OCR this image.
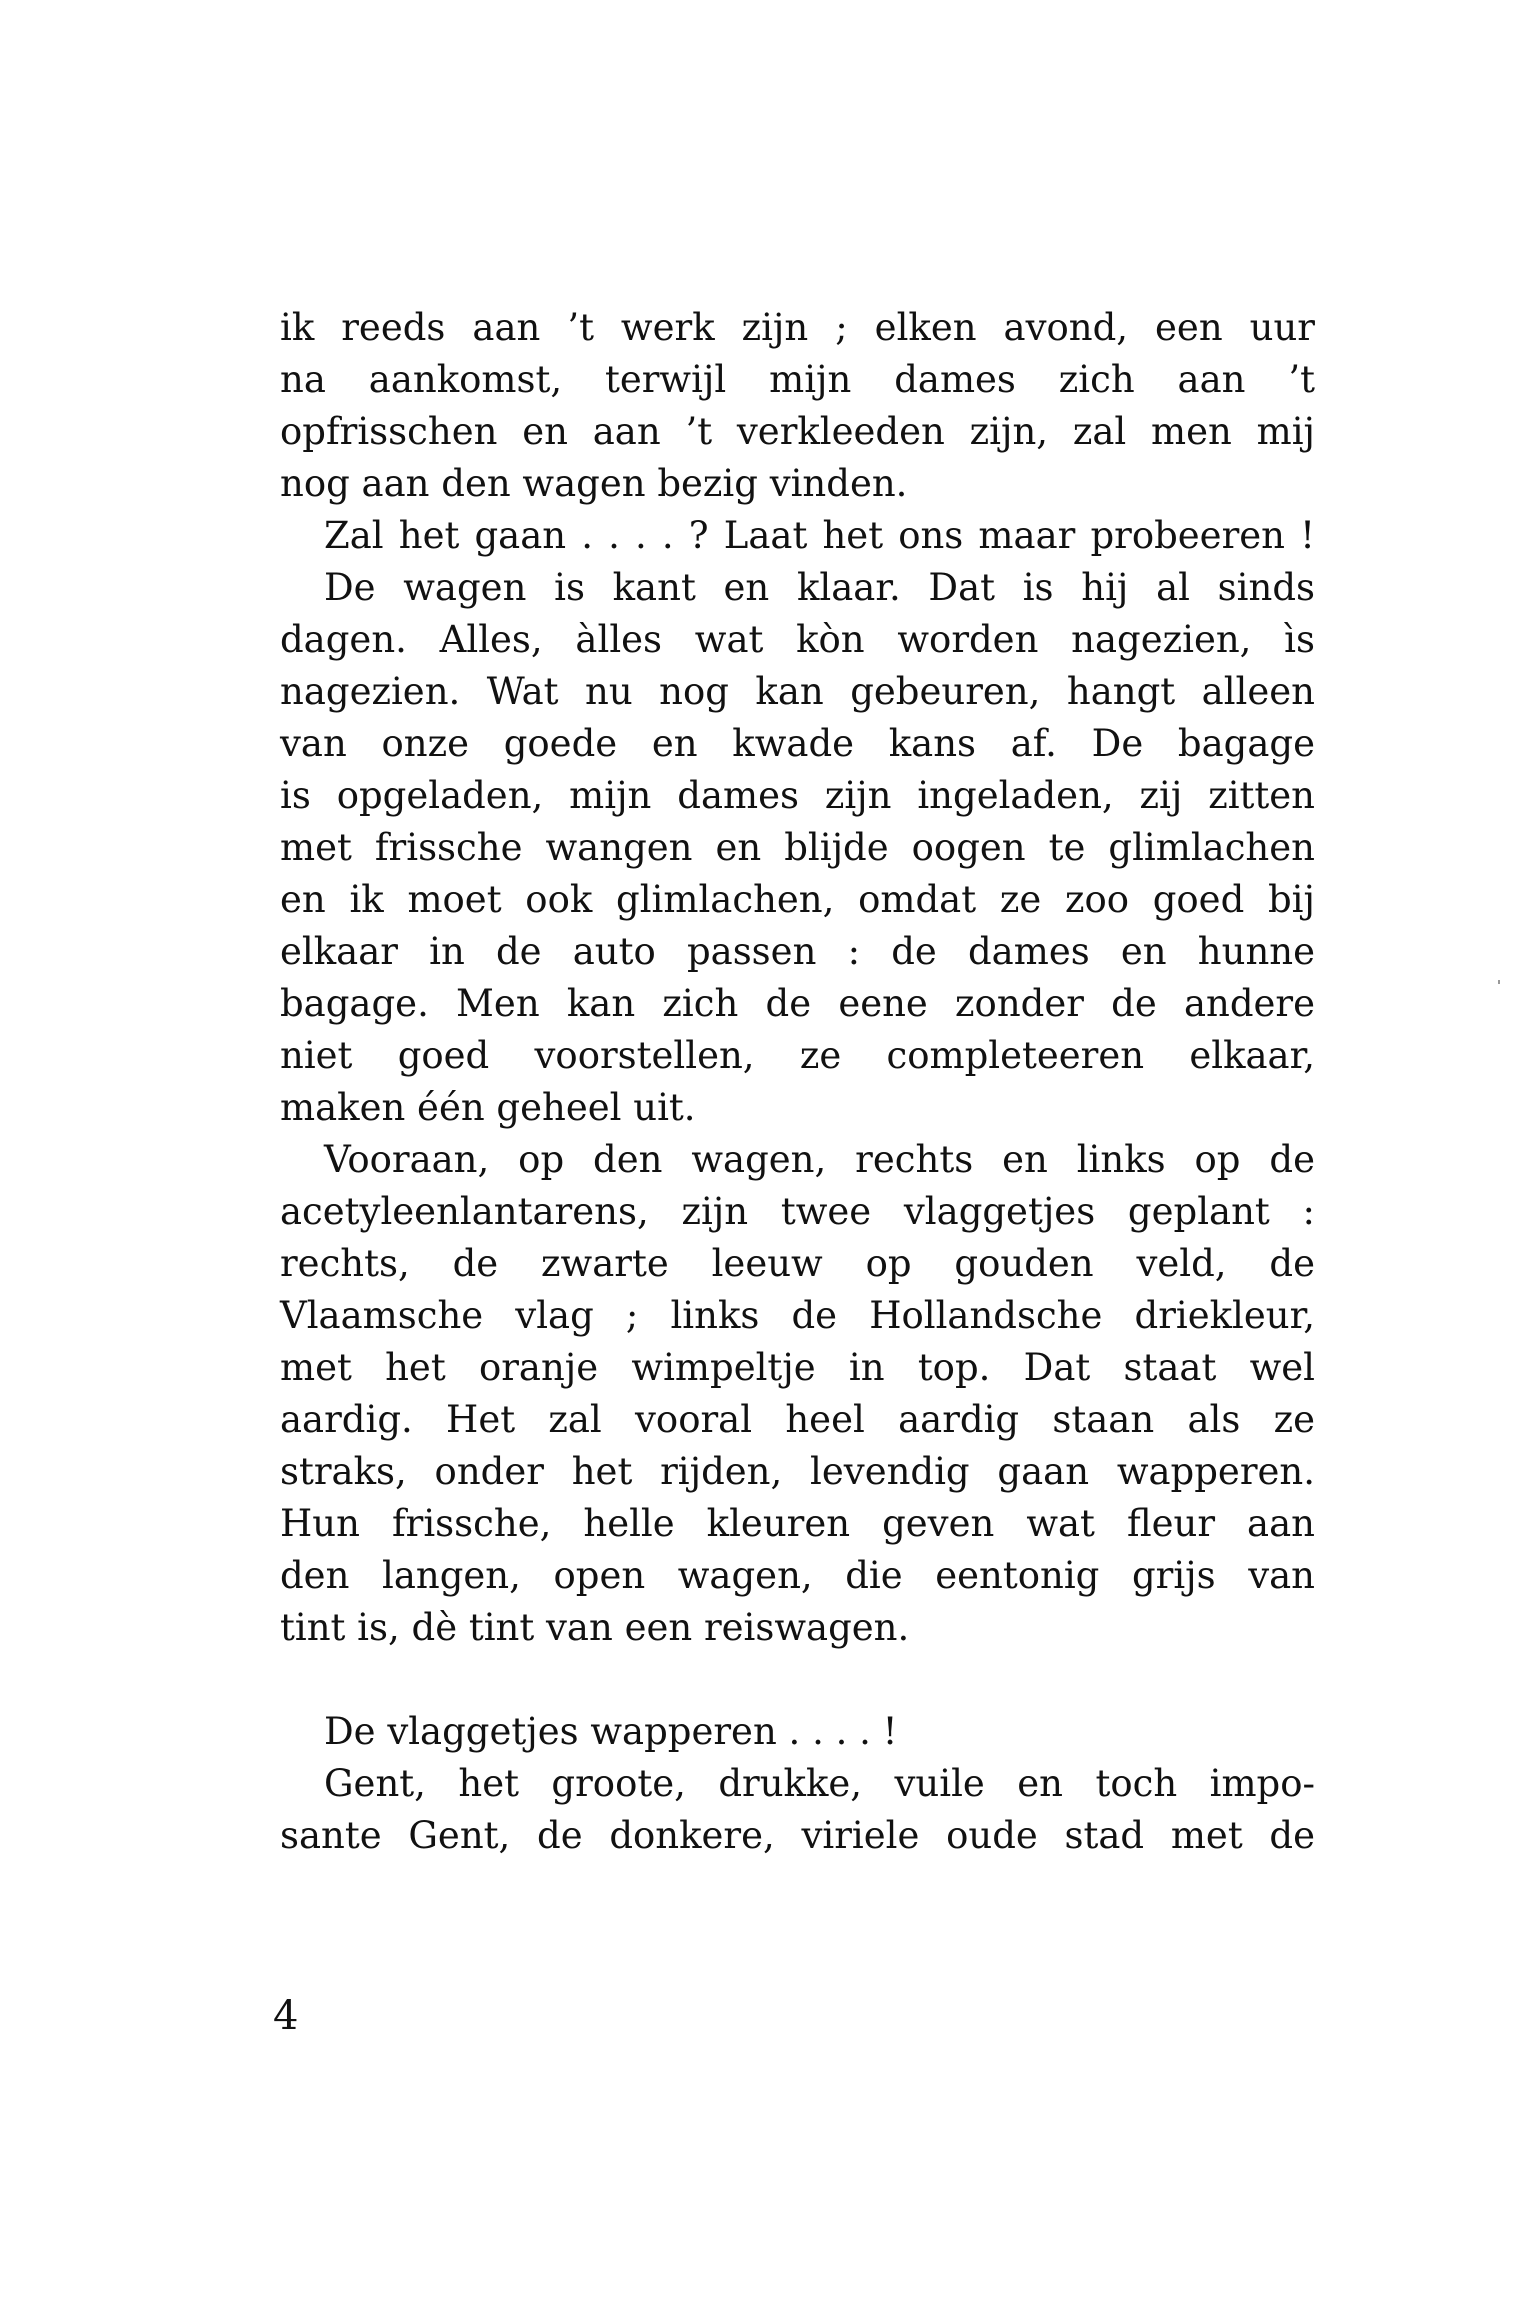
ik reeds aan ’t werk zijn ; elken avond, een uur
na aankomst, terwijl mijn dames zich aan ’t
opfrisschen en aan ’t verkleeden zijn, zal men mij
nog aan den wagen bezig vinden.
Zal het gaan . . . . ? Laat het ons maar probeeren !
De wagen is kant en klaar. Dat is hij al sinds
dagen. Alles, àlles wat kòn worden nagezien, ìs
nagezien. Wat nu nog kan gebeuren, hangt alleen
van onze goede en kwade kans af. De bagage
is opgeladen, mijn dames zijn ingeladen, zij zitten
met frissche wangen en blijde oogen te glimlachen
en ik moet ook glimlachen, omdat ze zoo goed bij
elkaar in de auto passen : de dames en hunne
bagage. Men kan zich de eene zonder de andere
niet goed voorstellen, ze completeeren elkaar,
maken één geheel uit.
Vooraan, op den wagen, rechts en links op de
acetyleenlantarens, zijn twee vlaggetjes geplant :
rechts, de zwarte leeuw op gouden veld, de
Vlaamsche vlag ; links de Hollandsche driekleur,
met het oranje wimpeltje in top. Dat staat wel
aardig. Het zal vooral heel aardig staan als ze
straks, onder het rijden, levendig gaan wapperen.
Hun frissche, helle kleuren geven wat fleur aan
den langen, open wagen, die eentonig grijs van
tint is, dè tint van een reiswagen.
De vlaggetjes wapperen . . . . !
Gent, het groote, drukke, vuile en toch impo-
sante Gent, de donkere, viriele oude stad met de
4
